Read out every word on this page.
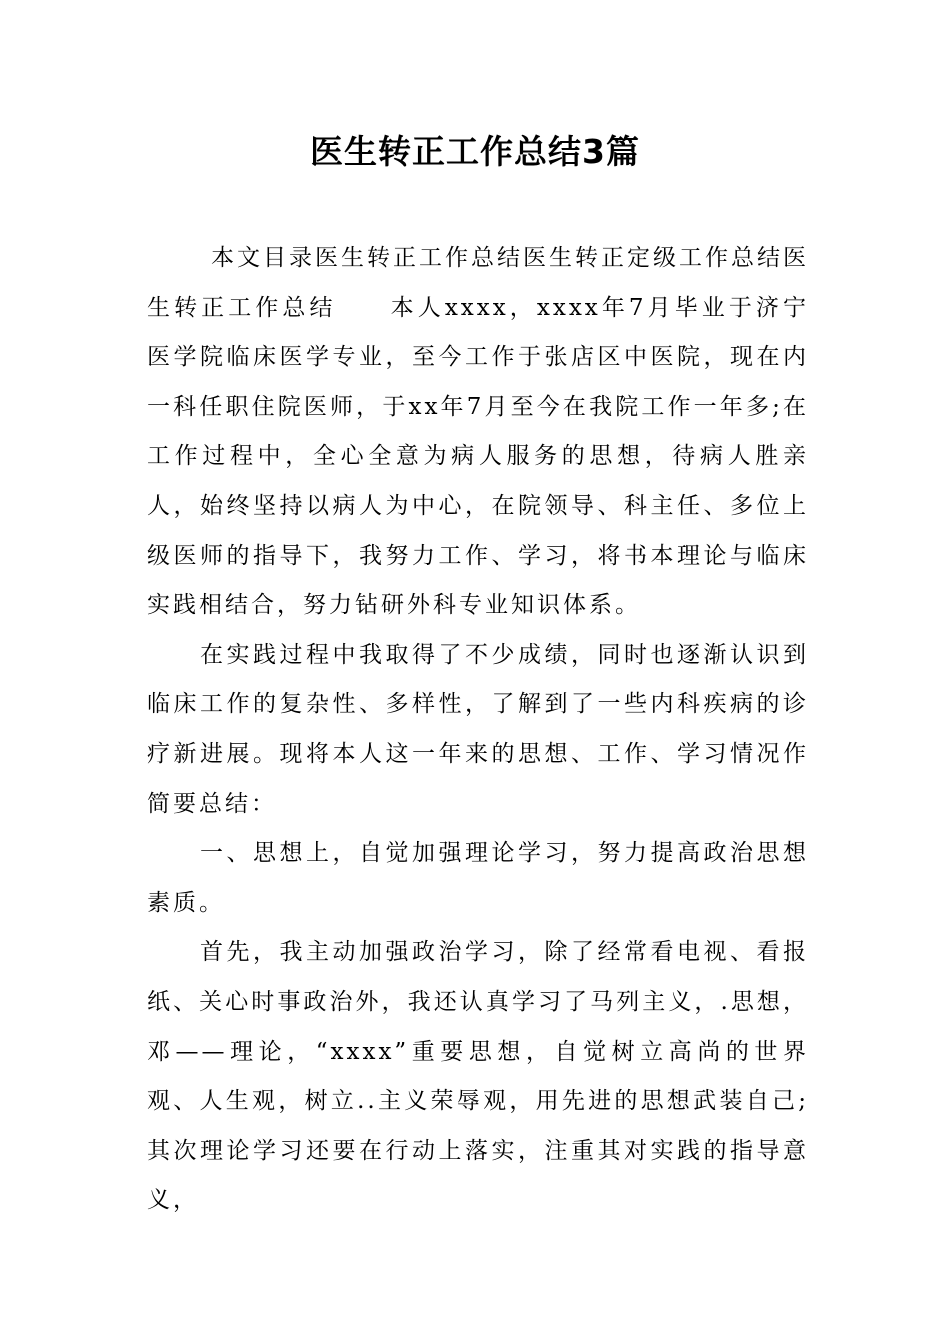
医生转正工作总结3篇

本文目录医生转正工作总结医生转正定级工作总结医生转正工作总结　　本人xxxx，xxxx年7月毕业于济宁医学院临床医学专业，至今工作于张店区中医院，现在内一科任职住院医师，于xx年7月至今在我院工作一年多;在工作过程中，全心全意为病人服务的思想，待病人胜亲人，始终坚持以病人为中心，在院领导、科主任、多位上级医师的指导下，我努力工作、学习，将书本理论与临床实践相结合，努力钻研外科专业知识体系。

在实践过程中我取得了不少成绩，同时也逐渐认识到临床工作的复杂性、多样性，了解到了一些内科疾病的诊疗新进展。现将本人这一年来的思想、工作、学习情况作简要总结：

一、思想上，自觉加强理论学习，努力提高政治思想素质。

首先，我主动加强政治学习，除了经常看电视、看报纸、关心时事政治外，我还认真学习了马列主义，.思想，邓——理论，“xxxx”重要思想，自觉树立高尚的世界观、人生观，树立..主义荣辱观，用先进的思想武装自己;其次理论学习还要在行动上落实，注重其对实践的指导意义，
